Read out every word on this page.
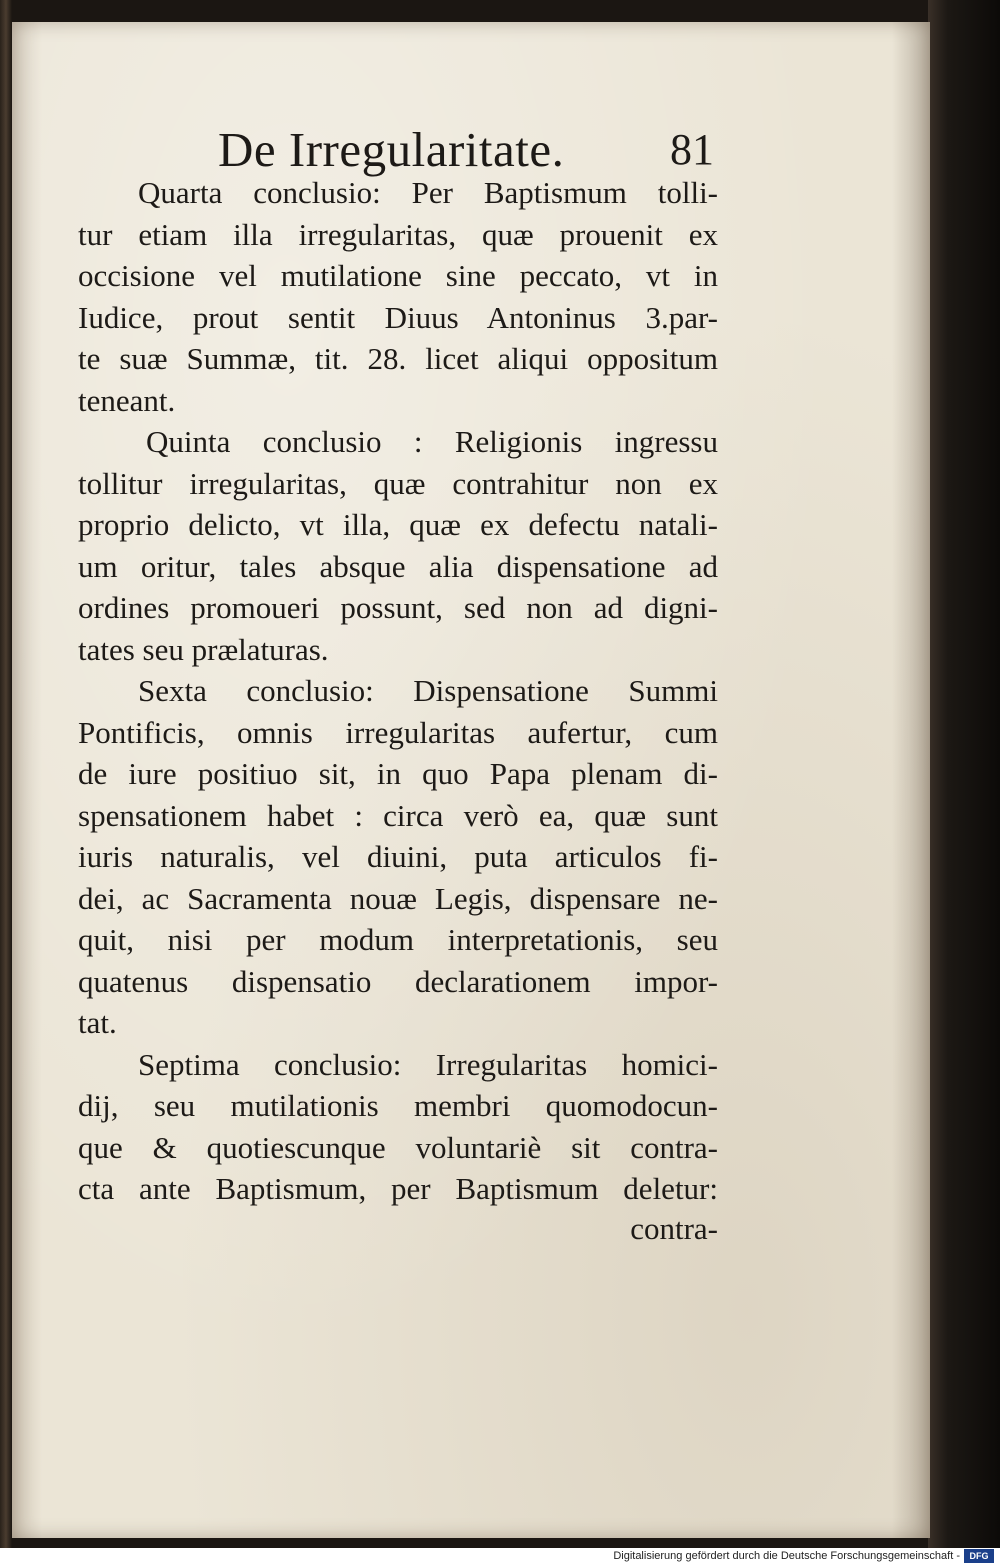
De Irregularitate. 81
Quarta conclusio: Per Baptismum tolli-
tur etiam illa irregularitas, quæ prouenit ex
occisione vel mutilatione sine peccato, vt in
Iudice, prout sentit Diuus Antoninus 3.par-
te suæ Summæ, tit. 28. licet aliqui oppositum
teneant.
Quinta conclusio : Religionis ingressu
tollitur irregularitas, quæ contrahitur non ex
proprio delicto, vt illa, quæ ex defectu natali-
um oritur, tales absque alia dispensatione ad
ordines promoueri possunt, sed non ad digni-
tates seu prælaturas.
Sexta conclusio: Dispensatione Summi
Pontificis, omnis irregularitas aufertur, cum
de iure positiuo sit, in quo Papa plenam di-
spensationem habet : circa verò ea, quæ sunt
iuris naturalis, vel diuini, puta articulos fi-
dei, ac Sacramenta nouæ Legis, dispensare ne-
quit, nisi per modum interpretationis, seu
quatenus dispensatio declarationem impor-
tat.
Septima conclusio: Irregularitas homici-
dij, seu mutilationis membri quomodocun-
que & quotiescunque voluntariè sit contra-
cta ante Baptismum, per Baptismum deletur:
contra-
Digitalisierung gefördert durch die Deutsche Forschungsgemeinschaft -	DFG
